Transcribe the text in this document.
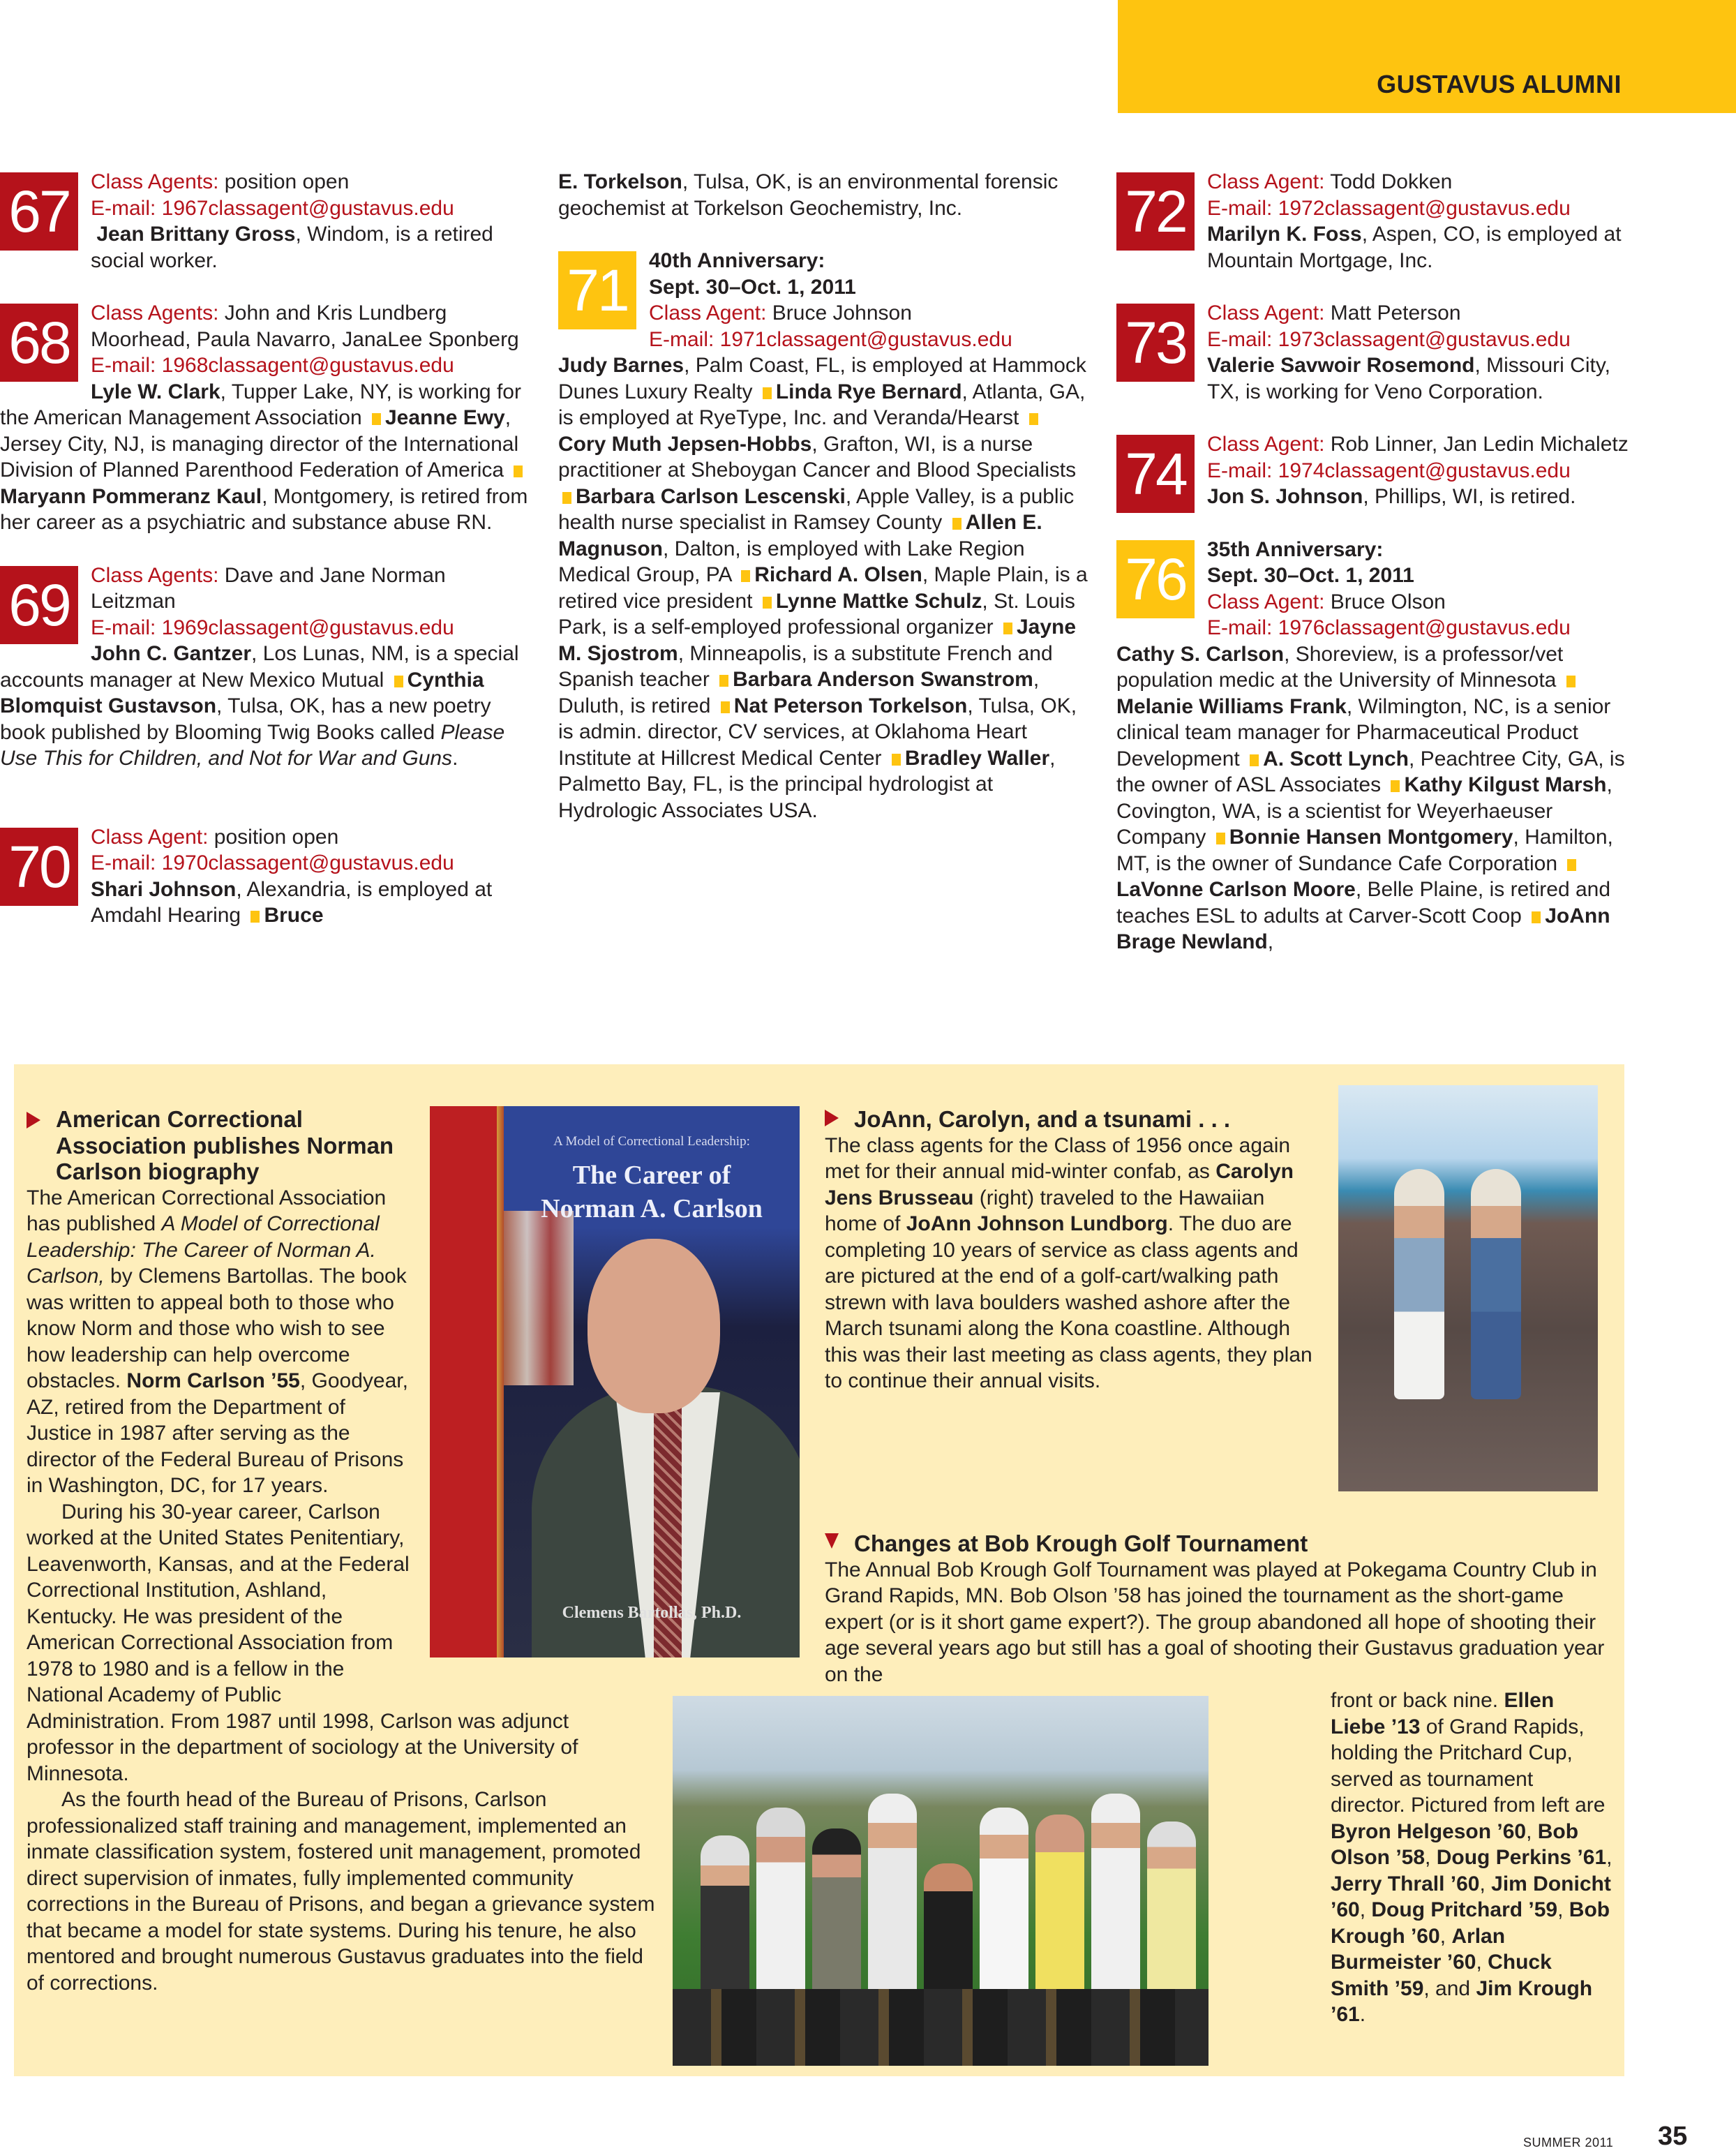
GUSTAVUS ALUMNI
67	Class Agents: position open
E-mail: 1967classagent@gustavus.edu
Jean Brittany Gross, Windom, is a retired social worker.
68	Class Agents: John and Kris Lundberg Moorhead, Paula Navarro, JanaLee Sponberg
E-mail: 1968classagent@gustavus.edu
Lyle W. Clark, Tupper Lake, NY, is working for the American Management Association Jeanne Ewy, Jersey City, NJ, is managing director of the International Division of Planned Parenthood Federation of America Maryann Pommeranz Kaul, Montgomery, is retired from her career as a psychiatric and substance abuse RN.
69	Class Agents: Dave and Jane Norman Leitzman
E-mail: 1969classagent@gustavus.edu
John C. Gantzer, Los Lunas, NM, is a special accounts manager at New Mexico Mutual Cynthia Blomquist Gustavson, Tulsa, OK, has a new poetry book published by Blooming Twig Books called Please Use This for Children, and Not for War and Guns.
70	Class Agent: position open
E-mail: 1970classagent@gustavus.edu
Shari Johnson, Alexandria, is employed at Amdahl Hearing Bruce
E. Torkelson, Tulsa, OK, is an environmental forensic geochemist at Torkelson Geochemistry, Inc.
71	40th Anniversary:
Sept. 30–Oct. 1, 2011
Class Agent: Bruce Johnson
E-mail: 1971classagent@gustavus.edu
Judy Barnes, Palm Coast, FL, is employed at Hammock Dunes Luxury Realty Linda Rye Bernard, Atlanta, GA, is employed at RyeType, Inc. and Veranda/Hearst Cory Muth Jepsen-Hobbs, Grafton, WI, is a nurse practitioner at Sheboygan Cancer and Blood Specialists Barbara Carlson Lescenski, Apple Valley, is a public health nurse specialist in Ramsey County Allen E. Magnuson, Dalton, is employed with Lake Region Medical Group, PA Richard A. Olsen, Maple Plain, is a retired vice president Lynne Mattke Schulz, St. Louis Park, is a self-employed professional organizer Jayne M. Sjostrom, Minneapolis, is a substitute French and Spanish teacher Barbara Anderson Swanstrom, Duluth, is retired Nat Peterson Torkelson, Tulsa, OK, is admin. director, CV services, at Oklahoma Heart Institute at Hillcrest Medical Center Bradley Waller, Palmetto Bay, FL, is the principal hydrologist at Hydrologic Associates USA.
72	Class Agent: Todd Dokken
E-mail: 1972classagent@gustavus.edu
Marilyn K. Foss, Aspen, CO, is employed at Mountain Mortgage, Inc.
73	Class Agent: Matt Peterson
E-mail: 1973classagent@gustavus.edu
Valerie Savwoir Rosemond, Missouri City, TX, is working for Veno Corporation.
74	Class Agent: Rob Linner, Jan Ledin Michaletz
E-mail: 1974classagent@gustavus.edu
Jon S. Johnson, Phillips, WI, is retired.
76	35th Anniversary:
Sept. 30–Oct. 1, 2011
Class Agent: Bruce Olson
E-mail: 1976classagent@gustavus.edu
Cathy S. Carlson, Shoreview, is a professor/vet population medic at the University of Minnesota Melanie Williams Frank, Wilmington, NC, is a senior clinical team manager for Pharmaceutical Product Development A. Scott Lynch, Peachtree City, GA, is the owner of ASL Associates Kathy Kilgust Marsh, Covington, WA, is a scientist for Weyerhaeuser Company Bonnie Hansen Montgomery, Hamilton, MT, is the owner of Sundance Cafe Corporation LaVonne Carlson Moore, Belle Plaine, is retired and teaches ESL to adults at Carver-Scott Coop JoAnn Brage Newland,
American Correctional Association publishes Norman Carlson biography
The American Correctional Association has published A Model of Correctional Leadership: The Career of Norman A. Carlson, by Clemens Bartollas. The book was written to appeal both to those who know Norm and those who wish to see how leadership can help overcome obstacles. Norm Carlson ’55, Goodyear, AZ, retired from the Department of Justice in 1987 after serving as the director of the Federal Bureau of Prisons in Washington, DC, for 17 years.
During his 30-year career, Carlson worked at the United States Penitentiary, Leavenworth, Kansas, and at the Federal Correctional Institution, Ashland, Kentucky. He was president of the American Correctional Association from 1978 to 1980 and is a fellow in the National Academy of Public Administration. From 1987 until 1998, Carlson was adjunct professor in the department of sociology at the University of Minnesota.
As the fourth head of the Bureau of Prisons, Carlson professionalized staff training and management, implemented an inmate classification system, fostered unit management, promoted direct supervision of inmates, fully implemented community corrections in the Bureau of Prisons, and began a grievance system that became a model for state systems. During his tenure, he also mentored and brought numerous Gustavus graduates into the field of corrections.
A Model of Correctional Leadership:
The Career of
Norman A. Carlson
Clemens Bartollas, Ph.D.
JoAnn, Carolyn, and a tsunami . . .
The class agents for the Class of 1956 once again met for their annual mid-winter confab, as Carolyn Jens Brusseau (right) traveled to the Hawaiian home of JoAnn Johnson Lundborg. The duo are completing 10 years of service as class agents and are pictured at the end of a golf-cart/walking path strewn with lava boulders washed ashore after the March tsunami along the Kona coastline. Although this was their last meeting as class agents, they plan to continue their annual visits.
Changes at Bob Krough Golf Tournament
The Annual Bob Krough Golf Tournament was played at Pokegama Country Club in Grand Rapids, MN. Bob Olson ’58 has joined the tournament as the short-game expert (or is it short game expert?). The group abandoned all hope of shooting their age several years ago but still has a goal of shooting their Gustavus graduation year on the
front or back nine. Ellen Liebe ’13 of Grand Rapids, holding the Pritchard Cup, served as tournament director. Pictured from left are Byron Helgeson ’60, Bob Olson ’58, Doug Perkins ’61, Jerry Thrall ’60, Jim Donicht ’60, Doug Pritchard ’59, Bob Krough ’60, Arlan Burmeister ’60, Chuck Smith ’59, and Jim Krough ’61.
SUMMER 2011 35
